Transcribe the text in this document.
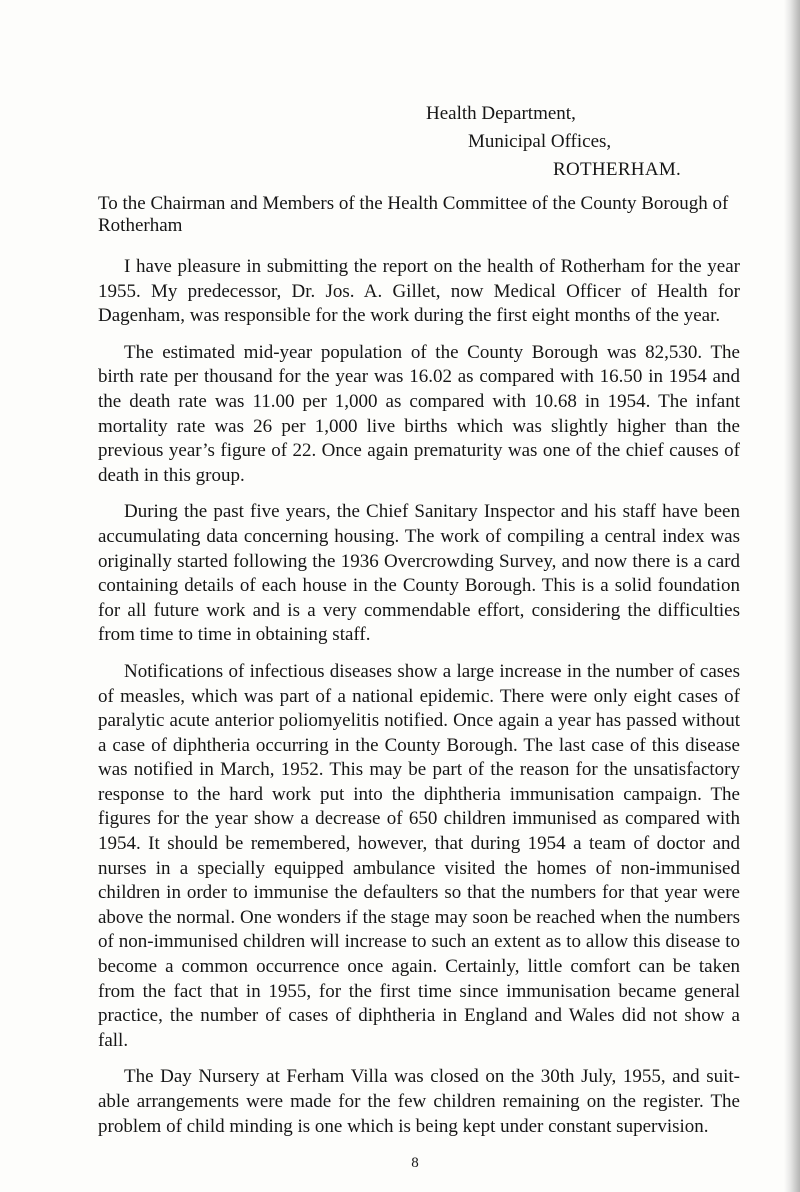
Health Department,
Municipal Offices,
ROTHERHAM.
To the Chairman and Members of the Health Committee of the County Borough of Rotherham

I have pleasure in submitting the report on the health of Rotherham for the year 1955. My predecessor, Dr. Jos. A. Gillet, now Medical Officer of Health for Dagenham, was responsible for the work during the first eight months of the year.

The estimated mid-year population of the County Borough was 82,530. The birth rate per thousand for the year was 16.02 as compared with 16.50 in 1954 and the death rate was 11.00 per 1,000 as compared with 10.68 in 1954. The infant mortality rate was 26 per 1,000 live births which was slightly higher than the previous year’s figure of 22. Once again prematurity was one of the chief causes of death in this group.

During the past five years, the Chief Sanitary Inspector and his staff have been accumulating data concerning housing. The work of compiling a central index was originally started following the 1936 Overcrowding Survey, and now there is a card containing details of each house in the County Borough. This is a solid foundation for all future work and is a very commendable effort, considering the difficulties from time to time in obtaining staff.

Notifications of infectious diseases show a large increase in the number of cases of measles, which was part of a national epidemic. There were only eight cases of paralytic acute anterior poliomyelitis notified. Once again a year has passed without a case of diphtheria occurring in the County Borough. The last case of this disease was notified in March, 1952. This may be part of the reason for the unsatisfactory response to the hard work put into the diphtheria immunisation campaign. The figures for the year show a decrease of 650 children immunised as compared with 1954. It should be remembered, however, that during 1954 a team of doctor and nurses in a specially equipped ambulance visited the homes of non-immunised children in order to immunise the defaulters so that the numbers for that year were above the normal. One wonders if the stage may soon be reached when the numbers of non-immunised children will increase to such an extent as to allow this disease to become a common occurrence once again. Certainly, little comfort can be taken from the fact that in 1955, for the first time since immunisation became general practice, the number of cases of diphtheria in England and Wales did not show a fall.

The Day Nursery at Ferham Villa was closed on the 30th July, 1955, and suit-able arrangements were made for the few children remaining on the register. The problem of child minding is one which is being kept under constant supervision.

8
